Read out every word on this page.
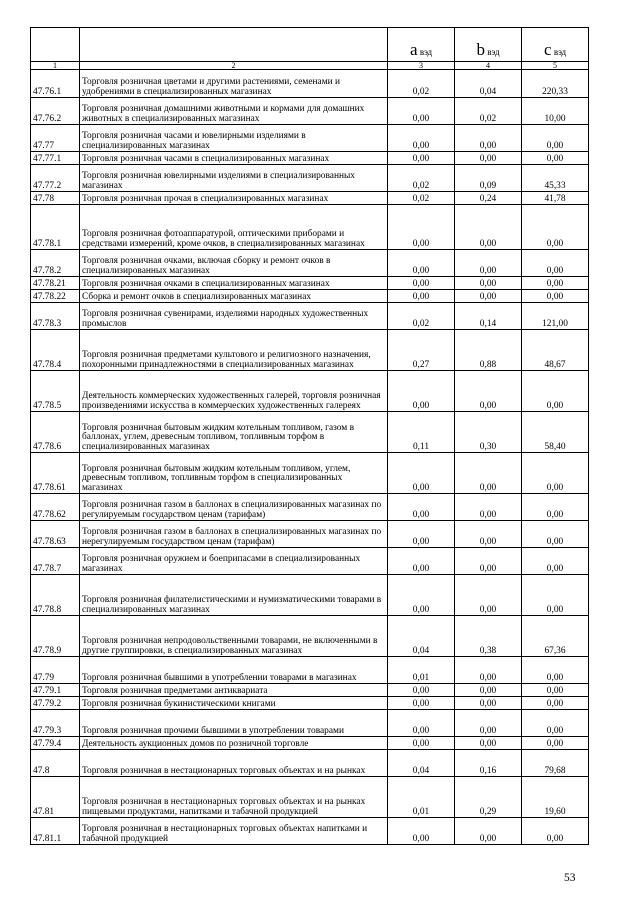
		a вэд	b вэд	c вэд
1	2	3	4	5
47.76.1	Торговля розничная цветами и другими растениями, семенами и удобрениями в специализированных магазинах	0,02	0,04	220,33
47.76.2	Торговля розничная домашними животными и кормами для домашних животных в специализированных магазинах	0,00	0,02	10,00
47.77	Торговля розничная часами и ювелирными изделиями в специализированных магазинах	0,00	0,00	0,00
47.77.1	Торговля розничная часами в специализированных магазинах	0,00	0,00	0,00
47.77.2	Торговля розничная ювелирными изделиями в специализированных магазинах	0,02	0,09	45,33
47.78	Торговля розничная прочая в специализированных магазинах	0,02	0,24	41,78
47.78.1	Торговля розничная фотоаппаратурой, оптическими приборами и средствами измерений, кроме очков, в специализированных магазинах	0,00	0,00	0,00
47.78.2	Торговля розничная очками, включая сборку и ремонт очков в специализированных магазинах	0,00	0,00	0,00
47.78.21	Торговля розничная очками в специализированных магазинах	0,00	0,00	0,00
47.78.22	Сборка и ремонт очков в специализированных магазинах	0,00	0,00	0,00
47.78.3	Торговля розничная сувенирами, изделиями народных художественных промыслов	0,02	0,14	121,00
47.78.4	Торговля розничная предметами культового и религиозного назначения, похоронными принадлежностями в специализированных магазинах	0,27	0,88	48,67
47.78.5	Деятельность коммерческих художественных галерей, торговля розничная произведениями искусства в коммерческих художественных галереях	0,00	0,00	0,00
47.78.6	Торговля розничная бытовым жидким котельным топливом, газом в баллонах, углем, древесным топливом, топливным торфом в специализированных магазинах	0,11	0,30	58,40
47.78.61	Торговля розничная бытовым жидким котельным топливом, углем, древесным топливом, топливным торфом в специализированных магазинах	0,00	0,00	0,00
47.78.62	Торговля розничная газом в баллонах в специализированных магазинах по регулируемым государством ценам (тарифам)	0,00	0,00	0,00
47.78.63	Торговля розничная газом в баллонах в специализированных магазинах по нерегулируемым государством ценам (тарифам)	0,00	0,00	0,00
47.78.7	Торговля розничная оружием и боеприпасами в специализированных магазинах	0,00	0,00	0,00
47.78.8	Торговля розничная филателистическими и нумизматическими товарами в специализированных магазинах	0,00	0,00	0,00
47.78.9	Торговля розничная непродовольственными товарами, не включенными в другие группировки, в специализированных магазинах	0,04	0,38	67,36
47.79	Торговля розничная бывшими в употреблении товарами в магазинах	0,01	0,00	0,00
47.79.1	Торговля розничная предметами антиквариата	0,00	0,00	0,00
47.79.2	Торговля розничная букинистическими книгами	0,00	0,00	0,00
47.79.3	Торговля розничная прочими бывшими в употреблении товарами	0,00	0,00	0,00
47.79.4	Деятельность аукционных домов по розничной торговле	0,00	0,00	0,00
47.8	Торговля розничная в нестационарных торговых объектах и на рынках	0,04	0,16	79,68
47.81	Торговля розничная в нестационарных торговых объектах и на рынках пищевыми продуктами, напитками и табачной продукцией	0,01	0,29	19,60
47.81.1	Торговля розничная в нестационарных торговых объектах напитками и табачной продукцией	0,00	0,00	0,00
53
